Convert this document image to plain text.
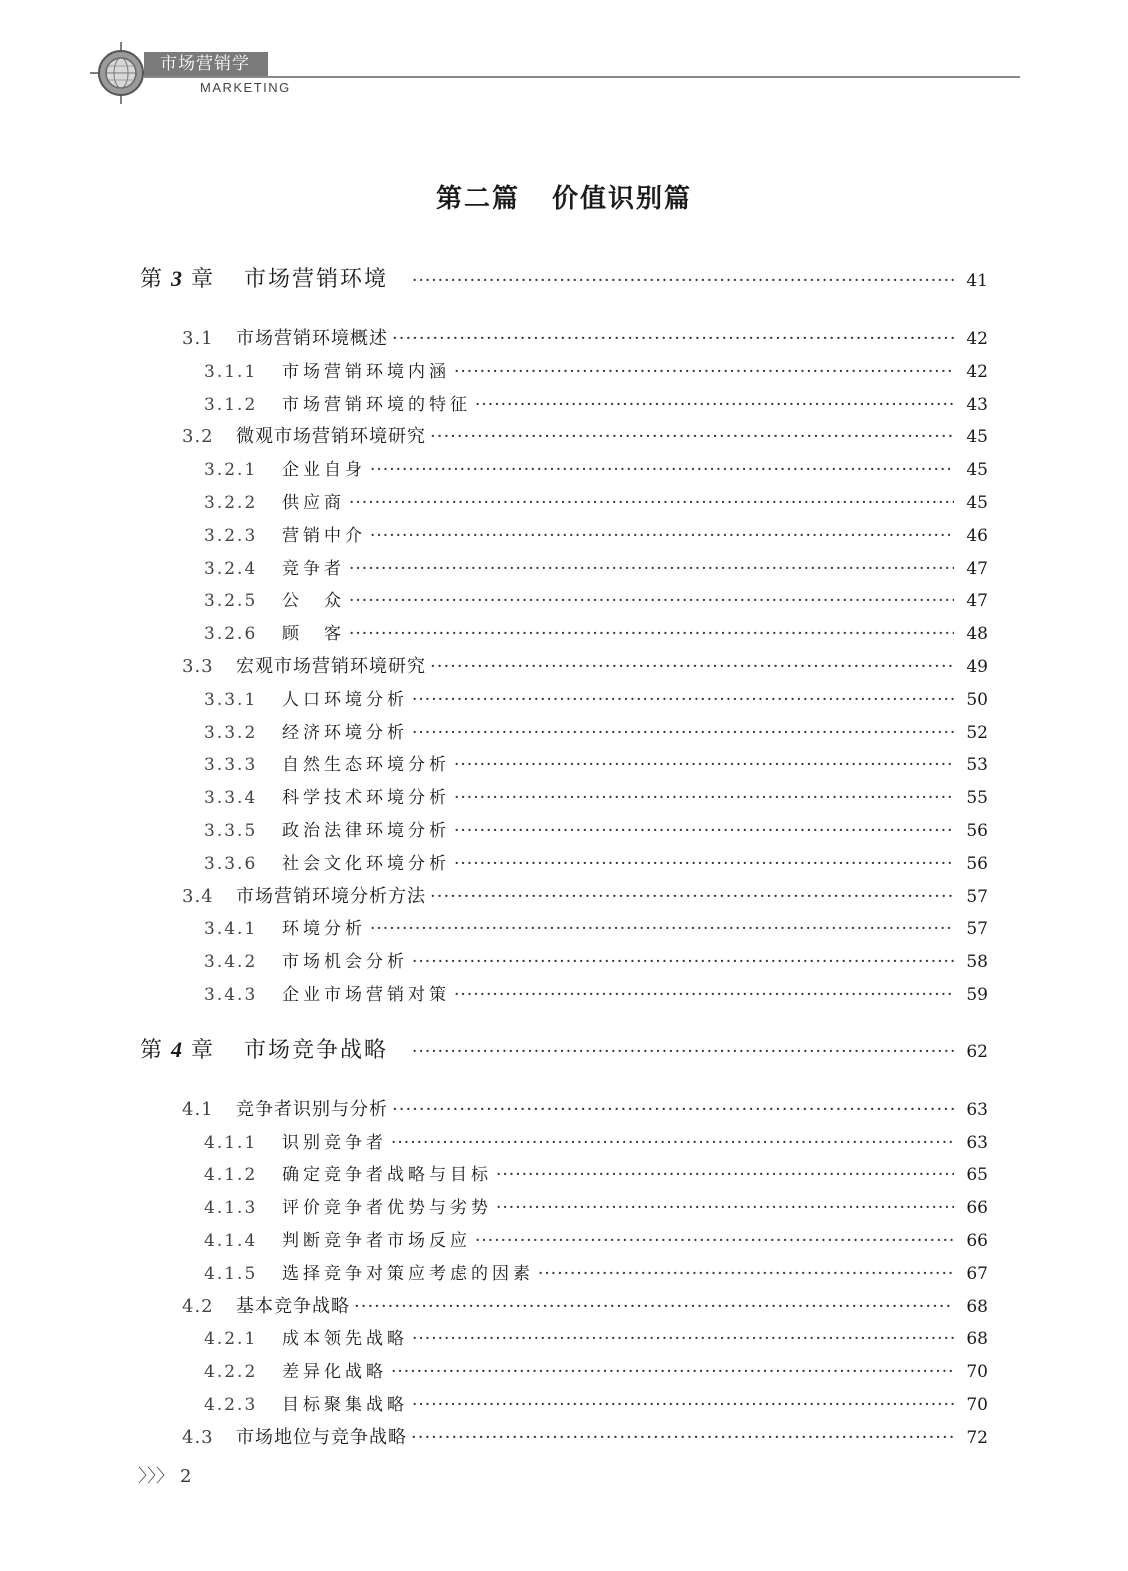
市场营销学
MARKETING
第二篇 价值识别篇
第 3 章 市场营销环境 ·····	41
3.1 市场营销环境概述 ·····	42
3.1.1 市场营销环境内涵 ·····	42
3.1.2 市场营销环境的特征 ·····	43
3.2 微观市场营销环境研究 ·····	45
3.2.1 企业自身 ·····	45
3.2.2 供应商 ·····	45
3.2.3 营销中介 ·····	46
3.2.4 竞争者 ·····	47
3.2.5 公　众 ·····	47
3.2.6 顾　客 ·····	48
3.3 宏观市场营销环境研究 ·····	49
3.3.1 人口环境分析 ·····	50
3.3.2 经济环境分析 ·····	52
3.3.3 自然生态环境分析 ·····	53
3.3.4 科学技术环境分析 ·····	55
3.3.5 政治法律环境分析 ·····	56
3.3.6 社会文化环境分析 ·····	56
3.4 市场营销环境分析方法 ·····	57
3.4.1 环境分析 ·····	57
3.4.2 市场机会分析 ·····	58
3.4.3 企业市场营销对策 ·····	59
第 4 章 市场竞争战略 ·····	62
4.1 竞争者识别与分析 ·····	63
4.1.1 识别竞争者 ·····	63
4.1.2 确定竞争者战略与目标 ·····	65
4.1.3 评价竞争者优势与劣势 ·····	66
4.1.4 判断竞争者市场反应 ·····	66
4.1.5 选择竞争对策应考虑的因素 ·····	67
4.2 基本竞争战略 ·····	68
4.2.1 成本领先战略 ·····	68
4.2.2 差异化战略 ·····	70
4.2.3 目标聚集战略 ·····	70
4.3 市场地位与竞争战略 ·····	72
〉〉〉 2
